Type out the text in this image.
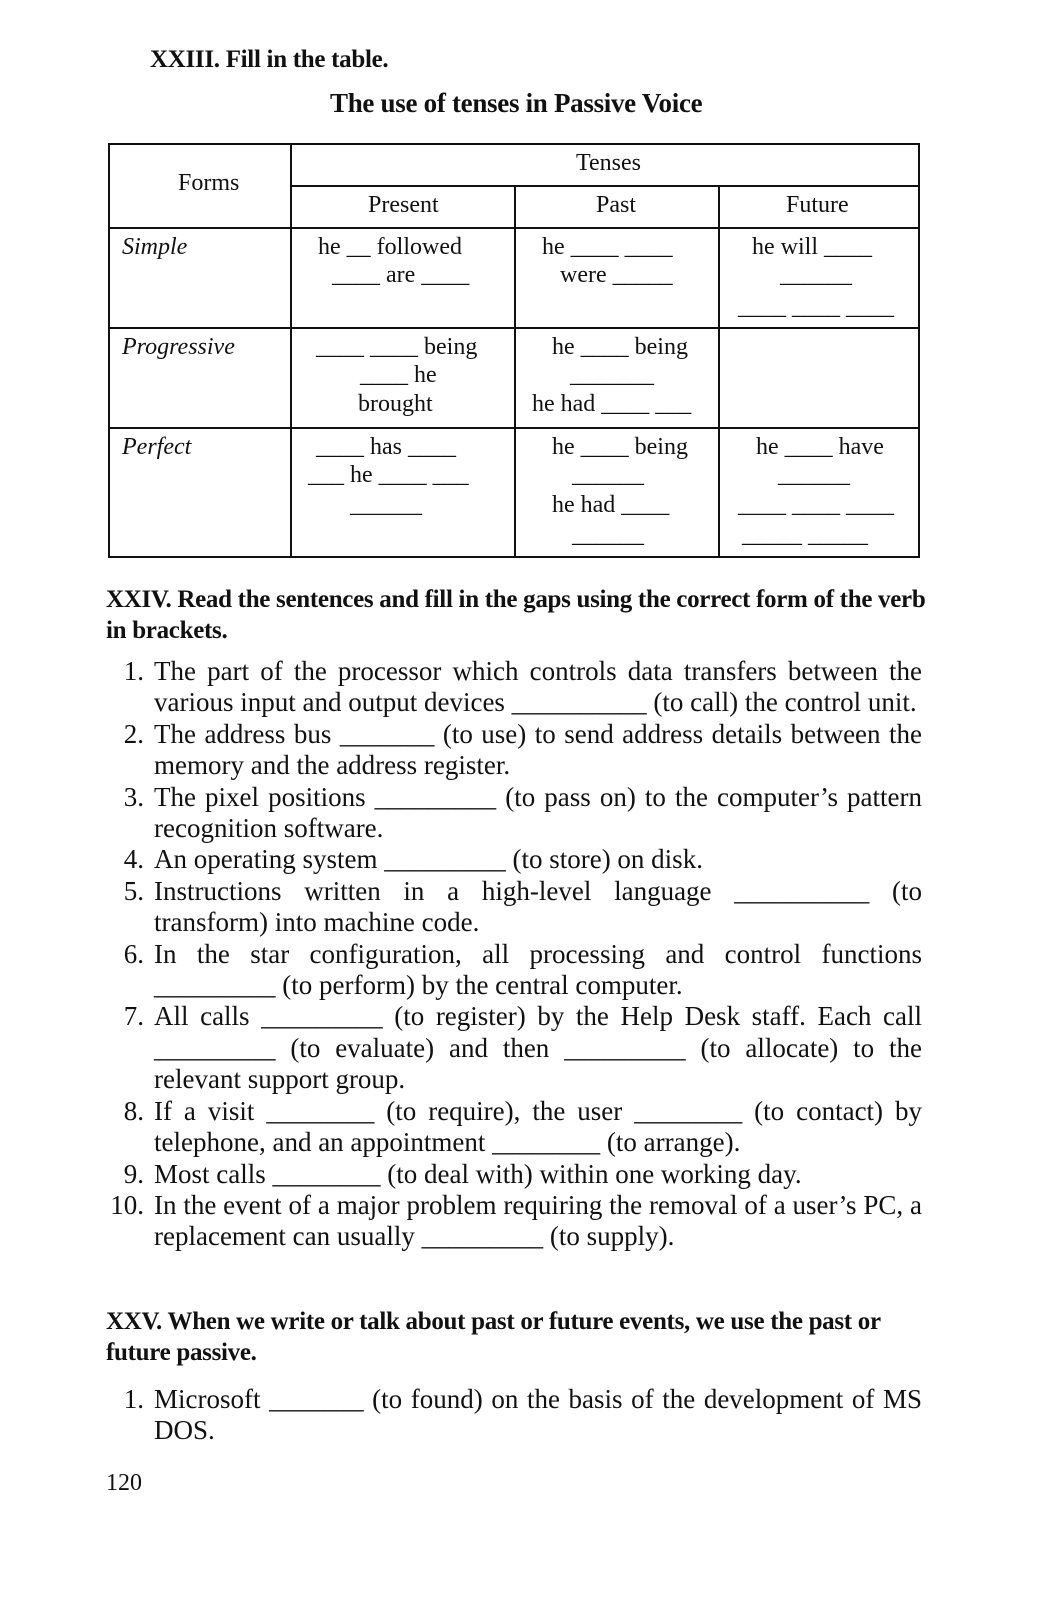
XXIII. Fill in the table.
The use of tenses in Passive Voice
Forms
Tenses
Present	Past	Future
Simple
Progressive
Perfect
he __ followed
____ are ____
he ____ ____
were _____
he will ____
______
____ ____ ____
____ ____ being
____ he
brought
he ____ being
_______
he had ____ ___
____ has ____
___ he ____ ___
______
he ____ being
______
he had ____
______
he ____ have
______
____ ____ ____
_____ _____
XXIV. Read the sentences and fill in the gaps using the correct form of the verb in brackets.
1. The part of the processor which controls data transfers between the various input and output devices __________ (to call) the control unit.
2. The address bus _______ (to use) to send address details between the memory and the address register.
3. The pixel positions _________ (to pass on) to the computer’s pattern recognition software.
4. An operating system _________ (to store) on disk.
5. Instructions written in a high-level language __________ (to transform) into machine code.
6. In the star configuration, all processing and control functions _________ (to perform) by the central computer.
7. All calls _________ (to register) by the Help Desk staff. Each call _________ (to evaluate) and then _________ (to allocate) to the relevant support group.
8. If a visit ________ (to require), the user ________ (to contact) by telephone, and an appointment ________ (to arrange).
9. Most calls ________ (to deal with) within one working day.
10. In the event of a major problem requiring the removal of a user’s PC, a replacement can usually _________ (to supply).
XXV. When we write or talk about past or future events, we use the past or future passive.
1. Microsoft _______ (to found) on the basis of the development of MS DOS.
120
